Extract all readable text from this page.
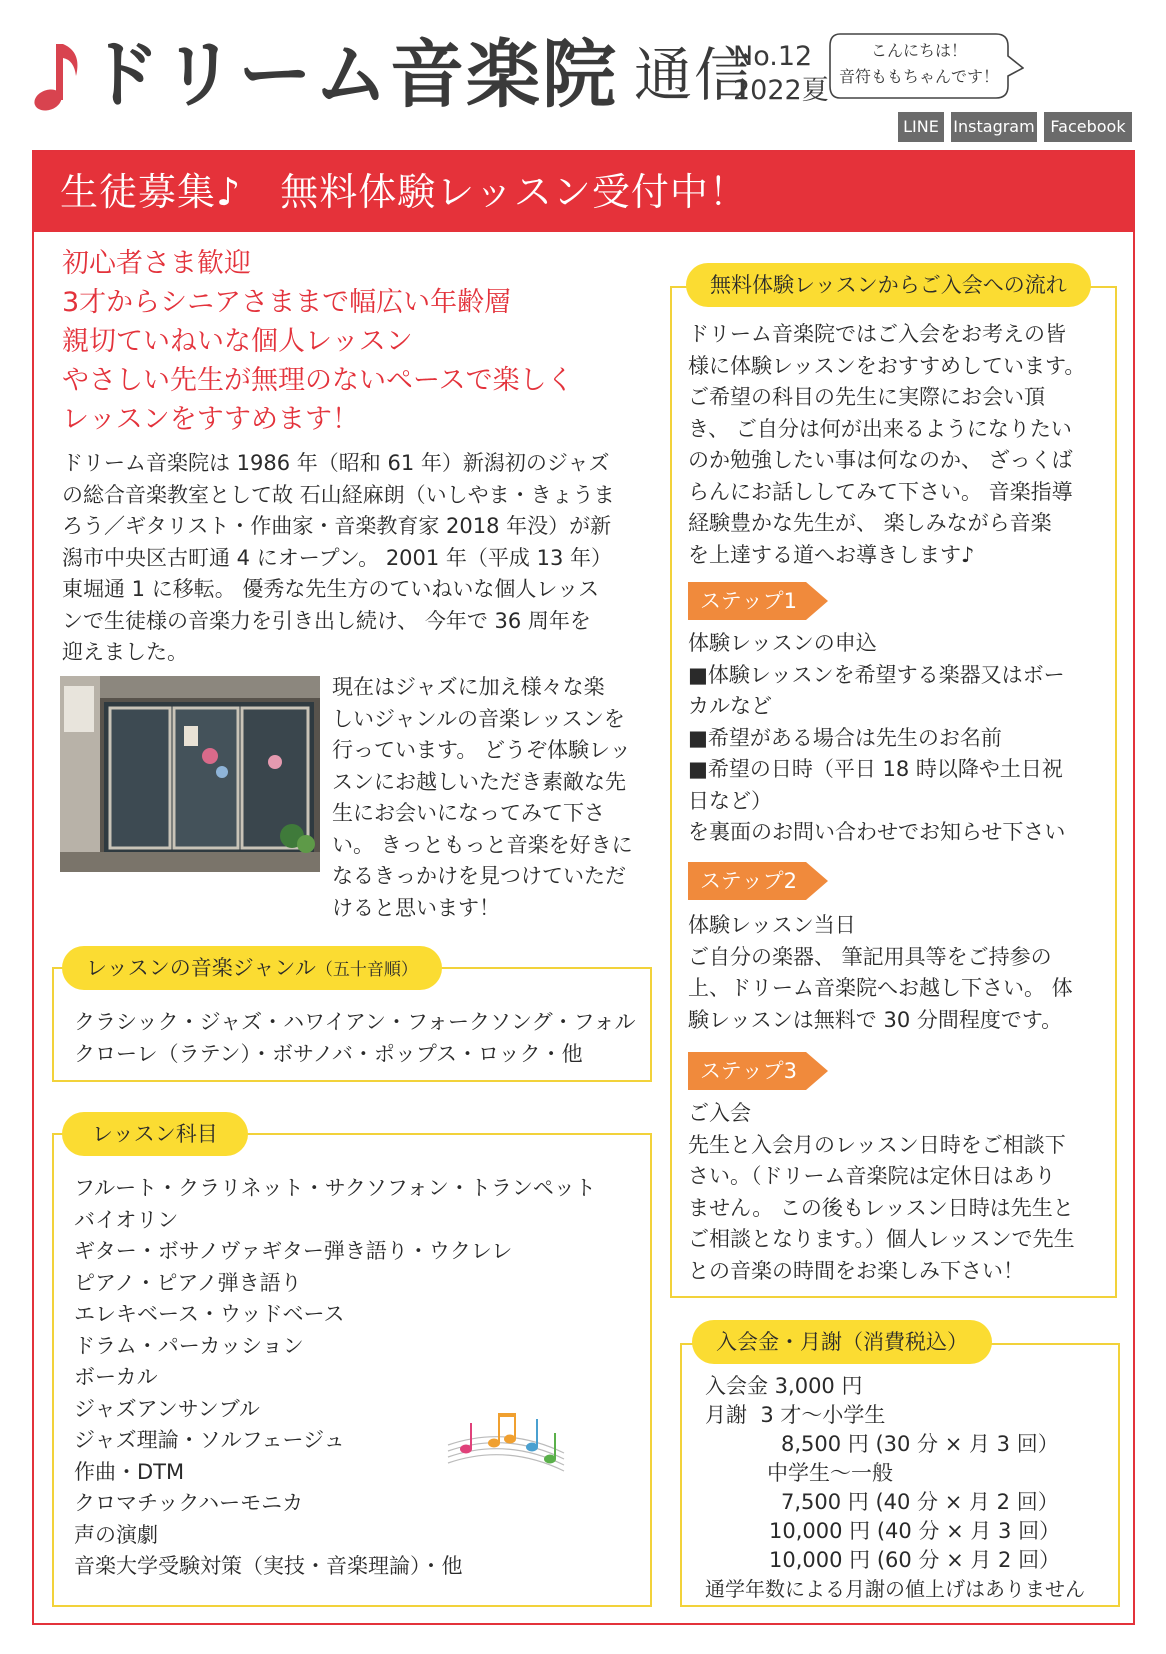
ドリーム音楽院 通信
No.12
2022夏
こんにちは！
音符ももちゃんです！
LINE Instagram Facebook
生徒募集♪　無料体験レッスン受付中！
初心者さま歓迎
3才からシニアさままで幅広い年齢層
親切ていねいな個人レッスン
やさしい先生が無理のないペースで楽しく
レッスンをすすめます！
ドリーム音楽院は 1986 年（昭和 61 年）新潟初のジャズ
の総合音楽教室として故 石山経麻朗（いしやま・きょうま
ろう／ギタリスト・作曲家・音楽教育家 2018 年没）が新
潟市中央区古町通 4 にオープン。 2001 年（平成 13 年）
東堀通 1 に移転。 優秀な先生方のていねいな個人レッス
ンで生徒様の音楽力を引き出し続け、 今年で 36 周年を
迎えました。
現在はジャズに加え様々な楽
しいジャンルの音楽レッスンを
行っています。 どうぞ体験レッ
スンにお越しいただき素敵な先
生にお会いになってみて下さ
い。 きっともっと音楽を好きに
なるきっかけを見つけていただ
けると思います！
クラシック・ジャズ・ハワイアン・フォークソング・フォル
クローレ（ラテン）・ボサノバ・ポップス・ロック・他
レッスンの音楽ジャンル（五十音順）
フルート・クラリネット・サクソフォン・トランペット
バイオリン
ギター・ボサノヴァギター弾き語り・ウクレレ
ピアノ・ピアノ弾き語り
エレキベース・ウッドベース
ドラム・パーカッション
ボーカル
ジャズアンサンブル
ジャズ理論・ソルフェージュ
作曲・DTM
クロマチックハーモニカ
声の演劇
音楽大学受験対策（実技・音楽理論）・他
レッスン科目
無料体験レッスンからご入会への流れ
ドリーム音楽院ではご入会をお考えの皆
様に体験レッスンをおすすめしています。
ご希望の科目の先生に実際にお会い頂
き、 ご自分は何が出来るようになりたい
のか勉強したい事は何なのか、 ざっくば
らんにお話ししてみて下さい。 音楽指導
経験豊かな先生が、 楽しみながら音楽
を上達する道へお導きします♪
ステップ1
体験レッスンの申込
■体験レッスンを希望する楽器又はボー
カルなど
■希望がある場合は先生のお名前
■希望の日時（平日 18 時以降や土日祝
日など）
を裏面のお問い合わせでお知らせ下さい
ステップ2
体験レッスン当日
ご自分の楽器、 筆記用具等をご持参の
上、ドリーム音楽院へお越し下さい。 体
験レッスンは無料で 30 分間程度です。
ステップ3
ご入会
先生と入会月のレッスン日時をご相談下
さい。（ドリーム音楽院は定休日はあり
ません。 この後もレッスン日時は先生と
ご相談となります。）個人レッスンで先生
との音楽の時間をお楽しみ下さい！
入会金・月謝（消費税込）
入会金 3,000 円
月謝 3 才～小学生
8,500 円 (30 分 × 月 3 回）
中学生～一般
7,500 円 (40 分 × 月 2 回）
10,000 円 (40 分 × 月 3 回）
10,000 円 (60 分 × 月 2 回）
通学年数による月謝の値上げはありません
